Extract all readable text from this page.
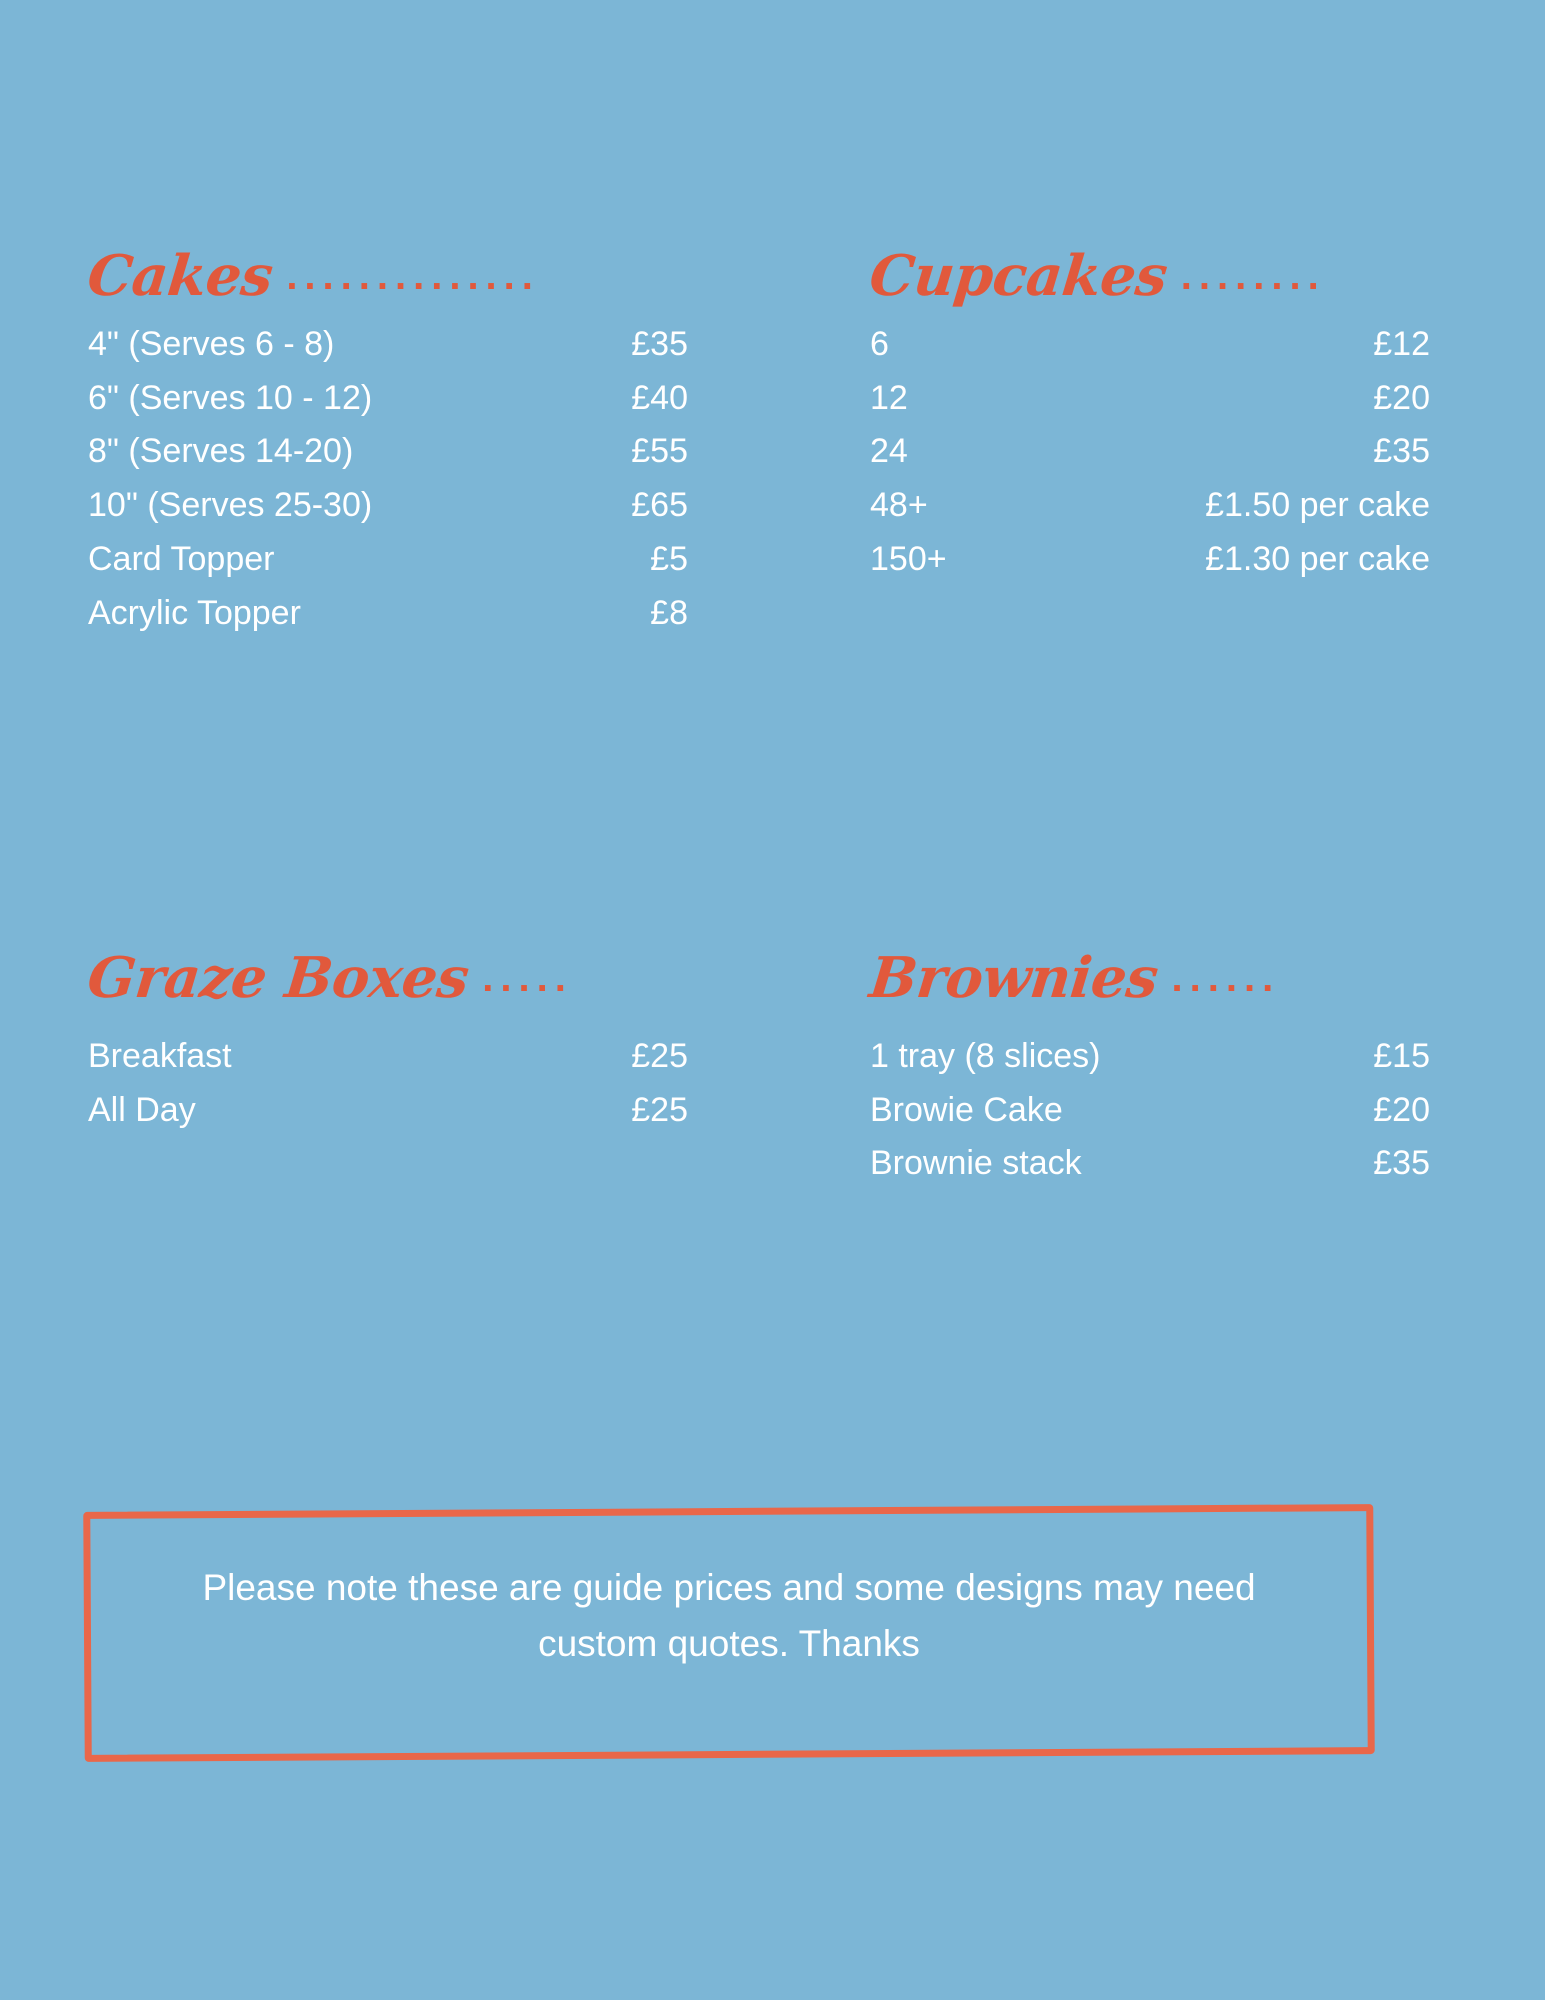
Cakes ..............
4" (Serves 6 - 8)	£35
6" (Serves 10 - 12)	£40
8" (Serves 14-20)	£55
10" (Serves 25-30)	£65
Card Topper	£5
Acrylic Topper	£8
Cupcakes ........
6	£12
12	£20
24	£35
48+	£1.50 per cake
150+	£1.30 per cake
Graze Boxes .....
Breakfast	£25
All Day	£25
Brownies ......
1 tray (8 slices)	£15
Browie Cake	£20
Brownie stack	£35
Please note these are guide prices and some designs may need custom quotes. Thanks
